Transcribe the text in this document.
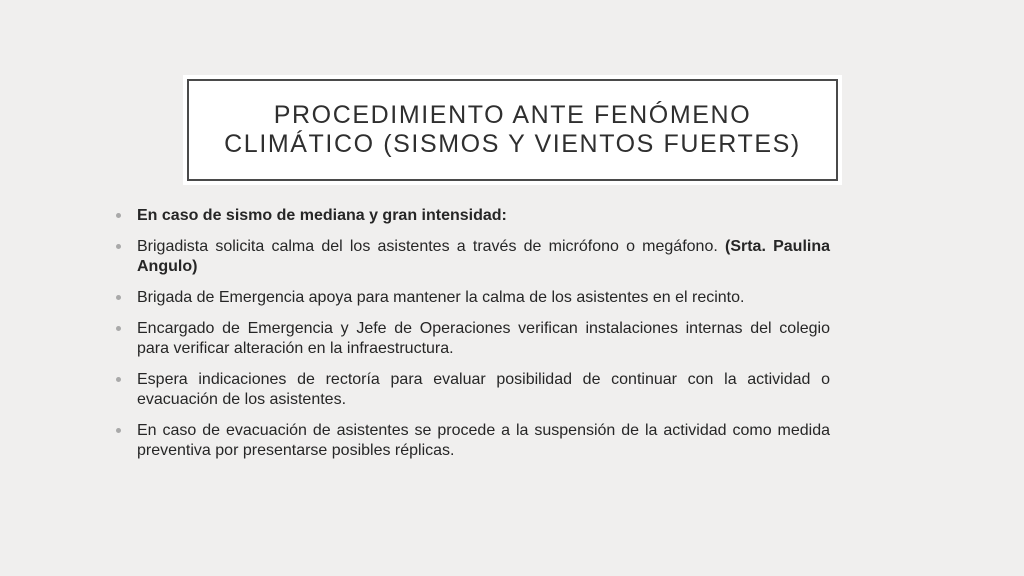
PROCEDIMIENTO ANTE FENÓMENO
CLIMÁTICO (SISMOS Y VIENTOS FUERTES)
En caso de sismo de mediana y gran intensidad:
Brigadista solicita calma del los asistentes a través de micrófono o megáfono. (Srta. Paulina Angulo)
Brigada de Emergencia apoya para mantener la calma de los asistentes en el recinto.
Encargado de Emergencia y Jefe de Operaciones verifican instalaciones internas del colegio para verificar alteración en la infraestructura.
Espera indicaciones de rectoría para evaluar posibilidad de continuar con la actividad o evacuación de los asistentes.
En caso de evacuación de asistentes se procede a la suspensión de la actividad como medida preventiva por presentarse posibles réplicas.
